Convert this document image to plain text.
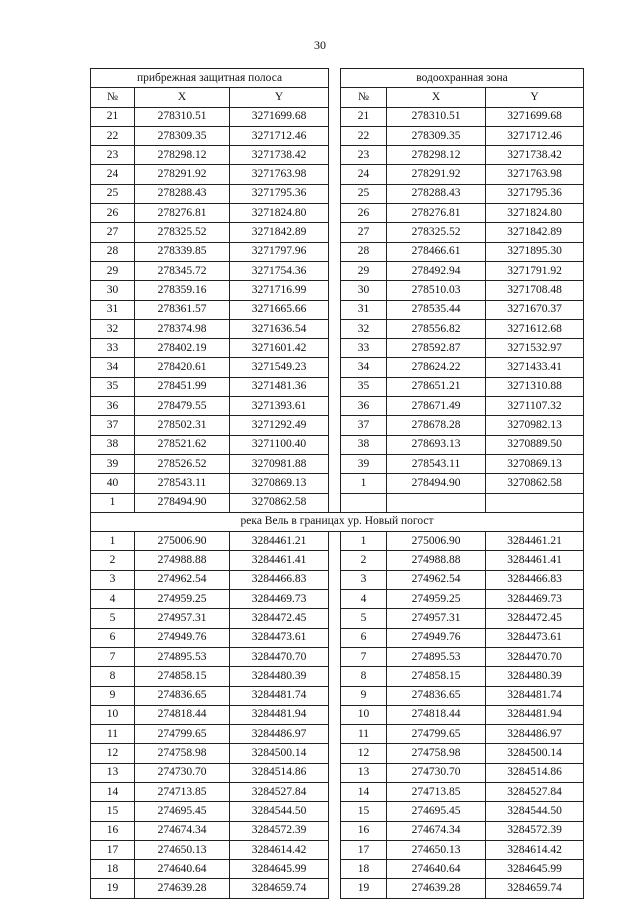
30
прибрежная защитная полоса				водоохранная зона		
№	X	Y		№	X	Y
21	278310.51	3271699.68		21	278310.51	3271699.68
22	278309.35	3271712.46		22	278309.35	3271712.46
23	278298.12	3271738.42		23	278298.12	3271738.42
24	278291.92	3271763.98		24	278291.92	3271763.98
25	278288.43	3271795.36		25	278288.43	3271795.36
26	278276.81	3271824.80		26	278276.81	3271824.80
27	278325.52	3271842.89		27	278325.52	3271842.89
28	278339.85	3271797.96		28	278466.61	3271895.30
29	278345.72	3271754.36		29	278492.94	3271791.92
30	278359.16	3271716.99		30	278510.03	3271708.48
31	278361.57	3271665.66		31	278535.44	3271670.37
32	278374.98	3271636.54		32	278556.82	3271612.68
33	278402.19	3271601.42		33	278592.87	3271532.97
34	278420.61	3271549.23		34	278624.22	3271433.41
35	278451.99	3271481.36		35	278651.21	3271310.88
36	278479.55	3271393.61		36	278671.49	3271107.32
37	278502.31	3271292.49		37	278678.28	3270982.13
38	278521.62	3271100.40		38	278693.13	3270889.50
39	278526.52	3270981.88		39	278543.11	3270869.13
40	278543.11	3270869.13		1	278494.90	3270862.58
1	278494.90	3270862.58				
река Вель в границах ур. Новый погост						
1	275006.90	3284461.21		1	275006.90	3284461.21
2	274988.88	3284461.41		2	274988.88	3284461.41
3	274962.54	3284466.83		3	274962.54	3284466.83
4	274959.25	3284469.73		4	274959.25	3284469.73
5	274957.31	3284472.45		5	274957.31	3284472.45
6	274949.76	3284473.61		6	274949.76	3284473.61
7	274895.53	3284470.70		7	274895.53	3284470.70
8	274858.15	3284480.39		8	274858.15	3284480.39
9	274836.65	3284481.74		9	274836.65	3284481.74
10	274818.44	3284481.94		10	274818.44	3284481.94
11	274799.65	3284486.97		11	274799.65	3284486.97
12	274758.98	3284500.14		12	274758.98	3284500.14
13	274730.70	3284514.86		13	274730.70	3284514.86
14	274713.85	3284527.84		14	274713.85	3284527.84
15	274695.45	3284544.50		15	274695.45	3284544.50
16	274674.34	3284572.39		16	274674.34	3284572.39
17	274650.13	3284614.42		17	274650.13	3284614.42
18	274640.64	3284645.99		18	274640.64	3284645.99
19	274639.28	3284659.74		19	274639.28	3284659.74
